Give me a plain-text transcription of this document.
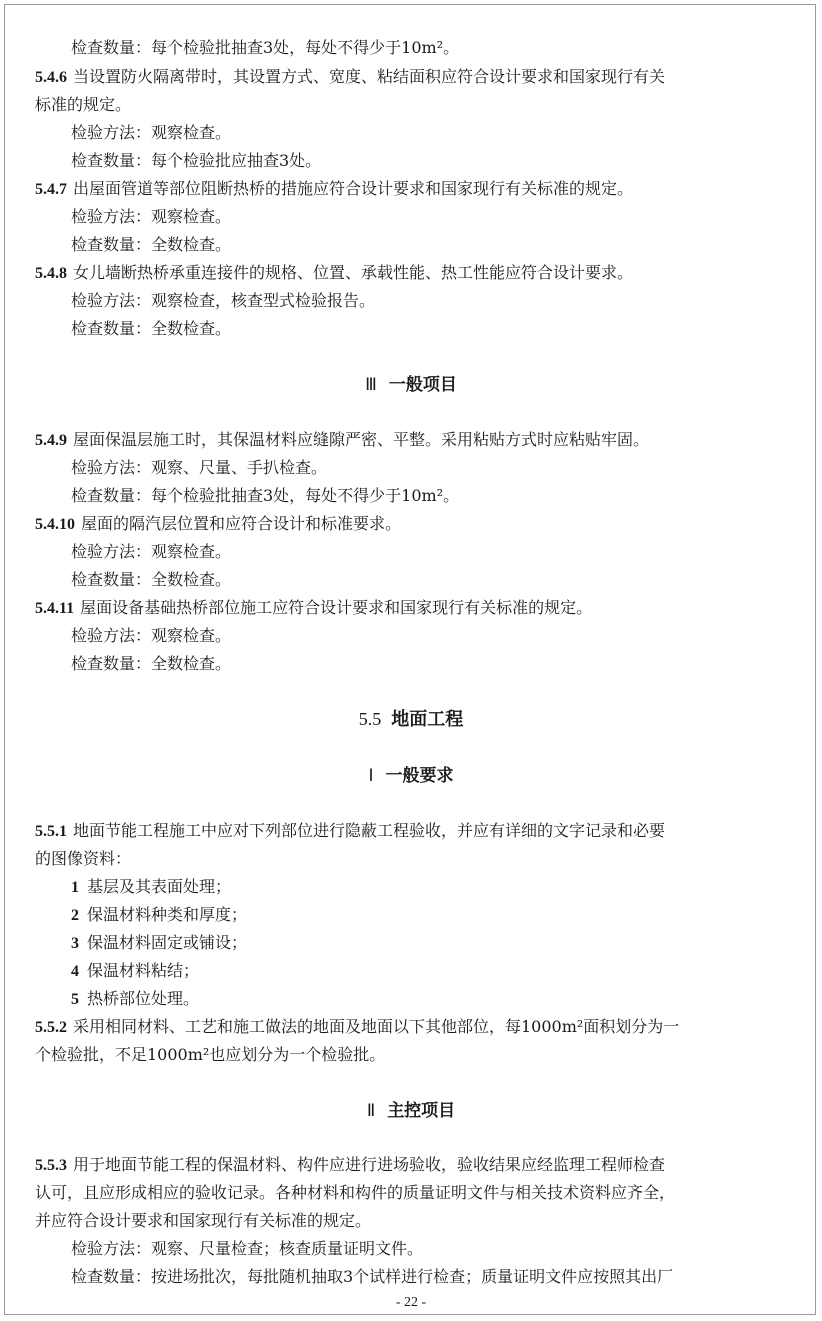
检查数量：每个检验批抽查3处，每处不得少于10m²。
5.4.6 当设置防火隔离带时，其设置方式、宽度、粘结面积应符合设计要求和国家现行有关
标准的规定。
检验方法：观察检查。
检查数量：每个检验批应抽查3处。
5.4.7 出屋面管道等部位阻断热桥的措施应符合设计要求和国家现行有关标准的规定。
检验方法：观察检查。
检查数量：全数检查。
5.4.8 女儿墙断热桥承重连接件的规格、位置、承载性能、热工性能应符合设计要求。
检验方法：观察检查，核查型式检验报告。
检查数量：全数检查。
Ⅲ 一般项目
5.4.9 屋面保温层施工时，其保温材料应缝隙严密、平整。采用粘贴方式时应粘贴牢固。
检验方法：观察、尺量、手扒检查。
检查数量：每个检验批抽查3处，每处不得少于10m²。
5.4.10 屋面的隔汽层位置和应符合设计和标准要求。
检验方法：观察检查。
检查数量：全数检查。
5.4.11 屋面设备基础热桥部位施工应符合设计要求和国家现行有关标准的规定。
检验方法：观察检查。
检查数量：全数检查。
5.5 地面工程
Ⅰ 一般要求
5.5.1 地面节能工程施工中应对下列部位进行隐蔽工程验收，并应有详细的文字记录和必要
的图像资料：
1 基层及其表面处理；
2 保温材料种类和厚度；
3 保温材料固定或铺设；
4 保温材料粘结；
5 热桥部位处理。
5.5.2 采用相同材料、工艺和施工做法的地面及地面以下其他部位，每1000m²面积划分为一
个检验批，不足1000m²也应划分为一个检验批。
Ⅱ 主控项目
5.5.3 用于地面节能工程的保温材料、构件应进行进场验收，验收结果应经监理工程师检查
认可，且应形成相应的验收记录。各种材料和构件的质量证明文件与相关技术资料应齐全，
并应符合设计要求和国家现行有关标准的规定。
检验方法：观察、尺量检查；核查质量证明文件。
检查数量：按进场批次，每批随机抽取3个试样进行检查；质量证明文件应按照其出厂
- 22 -
